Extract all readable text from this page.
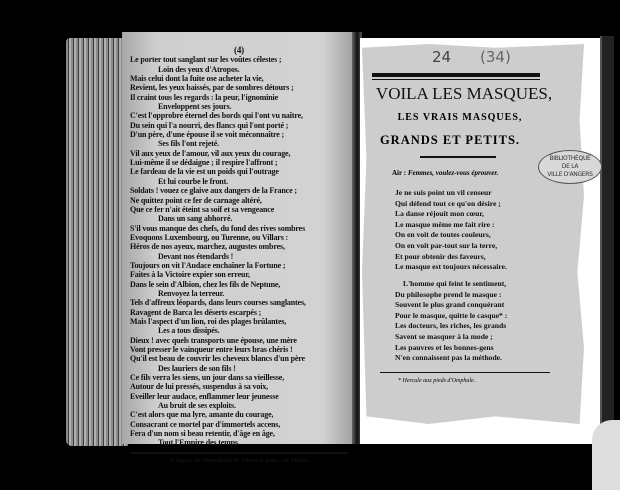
(4)
Le porter tout sanglant sur les voûtes célestes ;
Loin des yeux d'Atropos.
Mais celui dont la fuite ose acheter la vie,
Revient, les yeux baissés, par de sombres détours ;
Il craint tous les regards : la peur, l'ignominie
Enveloppent ses jours.
C'est l'opprobre éternel des bords qui l'ont vu naître,
Du sein qui l'a nourri, des flancs qui l'ont porté ;
D'un père, d'une épouse il se voit méconnaître ;
Ses fils l'ont rejeté.
Vil aux yeux de l'amour, vil aux yeux du courage,
Lui-même il se dédaigne ; il respire l'affront ;
Le fardeau de la vie est un poids qui l'outrage
Et lui courbe le front.
Soldats ! vouez ce glaive aux dangers de la France ;
Ne quittez point ce fer de carnage altéré,
Que ce fer n'ait éteint sa soif et sa vengeance
Dans un sang abhorré.
S'il vous manque des chefs, du fond des rives sombres
Evoquons Luxembourg, ou Turenne, ou Villars :
Héros de nos ayeux, marchez, augustes ombres,
Devant nos étendards !
Toujours on vit l'Audace enchaîner la Fortune ;
Faites à la Victoire expier son erreur,
Dans le sein d'Albion, chez les fils de Neptune,
Renvoyez la terreur.
Tels d'affreux léopards, dans leurs courses sanglantes,
Ravagent de Barca les déserts escarpés ;
Mais l'aspect d'un lion, roi des plages brûlantes,
Les a tous dissipés.
Dieux ! avec quels transports une épouse, une mère
Vont presser le vainqueur entre leurs bras chéris !
Qu'il est beau de couvrir les cheveux blancs d'un père
Des lauriers de son fils !
Ce fils verra les siens, un jour dans sa vieillesse,
Autour de lui pressés, suspendus à sa voix,
Eveiller leur audace, enflammer leur jeunesse
Au bruit de ses exploits.
C'est alors que ma lyre, amante du courage,
Consacrant ce mortel par d'immortels accens,
Fera d'un nom si beau retentir, d'âge en âge,
Tout l'Empire des temps.
A Angers, de l'Imprimerie de Jahyer, le jeune, rue Milton.
24 (34)
VOILA LES MASQUES,
LES VRAIS MASQUES,
GRANDS ET PETITS.
BIBLIOTHÈQUE
DE LA
VILLE D'ANGERS
Air : Femmes, voulez-vous éprouver.
Je ne suis point un vil censeur
Qui défend tout ce qu'on désire ;
La danse réjouit mon cœur,
Le masque même me fait rire :
On en voit de toutes couleurs,
On en voit par-tout sur la terre,
Et pour obtenir des faveurs,
Le masque est toujours nécessaire.
L'homme qui feint le sentiment,
Du philosophe prend le masque :
Souvent le plus grand conquérant
Pour le masque, quitte le casque* :
Les docteurs, les riches, les grands
Savent se masquer à la mode ;
Les pauvres et les bonnes-gens
N'en connaissent pas la méthode.
* Hercule aux pieds d'Omphale.
